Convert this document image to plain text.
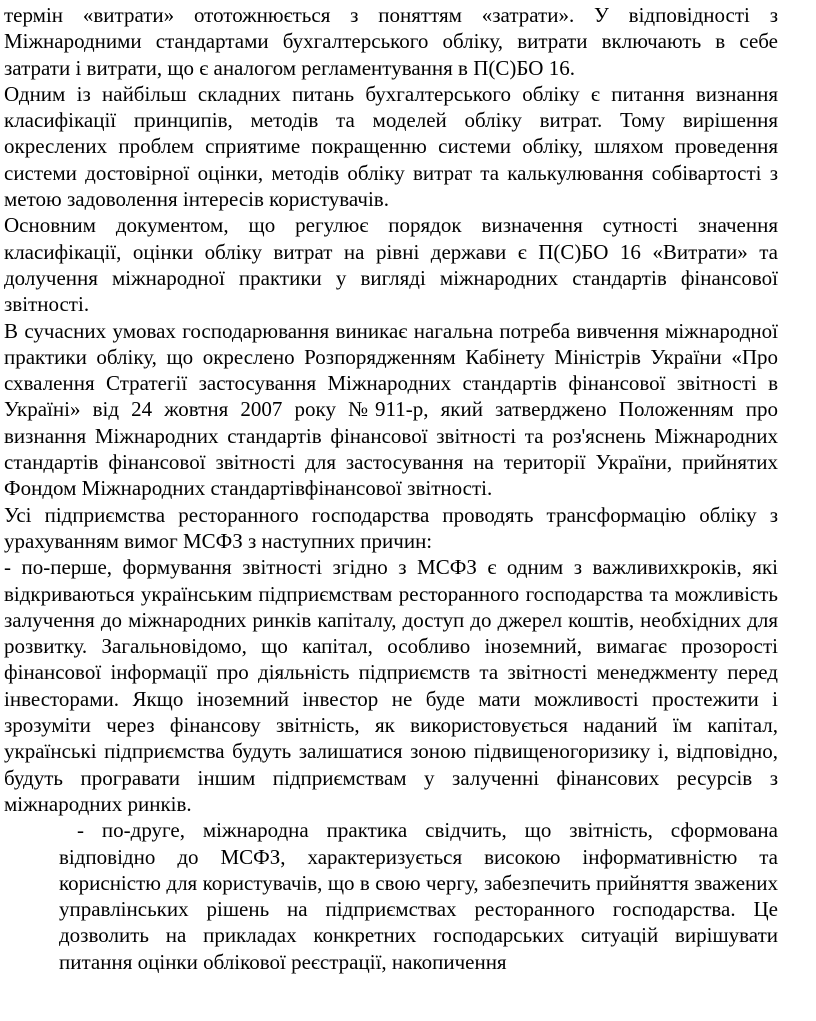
термін «витрати» ототожнюється з поняттям «затрати». У відповідності з Міжнародними стандартами бухгалтерського обліку, витрати включають в себе затрати і витрати, що є аналогом регламентування в П(С)БО 16.

Одним із найбільш складних питань бухгалтерського обліку є питання визнання класифікації принципів, методів та моделей обліку витрат. Тому вирішення окреслених проблем сприятиме покращенню системи обліку, шляхом проведення системи достовірної оцінки, методів обліку витрат та калькулювання собівартості з метою задоволення інтересів користувачів.

Основним документом, що регулює порядок визначення сутності значення класифікації, оцінки обліку витрат на рівні держави є П(С)БО 16 «Витрати» та долучення міжнародної практики у вигляді міжнародних стандартів фінансової звітності.

В сучасних умовах господарювання виникає нагальна потреба вивчення міжнародної практики обліку, що окреслено Розпорядженням Кабінету Міністрів України «Про схвалення Стратегії застосування Міжнародних стандартів фінансової звітності в Україні» від 24 жовтня 2007 року №911-р, який затверджено Положенням про визнання Міжнародних стандартів фінансової звітності та роз'яснень Міжнародних стандартів фінансової звітності для застосування на території України, прийнятих Фондом Міжнародних стандартівфінансової звітності.

Усі підприємства ресторанного господарства проводять трансформацію обліку з урахуванням вимог МСФЗ з наступних причин:

- по-перше, формування звітності згідно з МСФЗ є одним з важливихкроків, які відкриваються українським підприємствам ресторанного господарства та можливість залучення до міжнародних ринків капіталу, доступ до джерел коштів, необхідних для розвитку. Загальновідомо, що капітал, особливо іноземний, вимагає прозорості фінансової інформації про діяльність підприємств та звітності менеджменту перед інвесторами. Якщо іноземний інвестор не буде мати можливості простежити і зрозуміти через фінансову звітність, як використовується наданий їм капітал, українські підприємства будуть залишатися зоною підвищеногоризику і, відповідно, будуть програвати іншим підприємствам у залученні фінансових ресурсів з міжнародних ринків.

- по-друге, міжнародна практика свідчить, що звітність, сформована відповідно до МСФЗ, характеризується високою інформативністю та корисністю для користувачів, що в свою чергу, забезпечить прийняття зважених управлінських рішень на підприємствах ресторанного господарства. Це дозволить на прикладах конкретних господарських ситуацій вирішувати питання оцінки облікової реєстрації, накопичення
